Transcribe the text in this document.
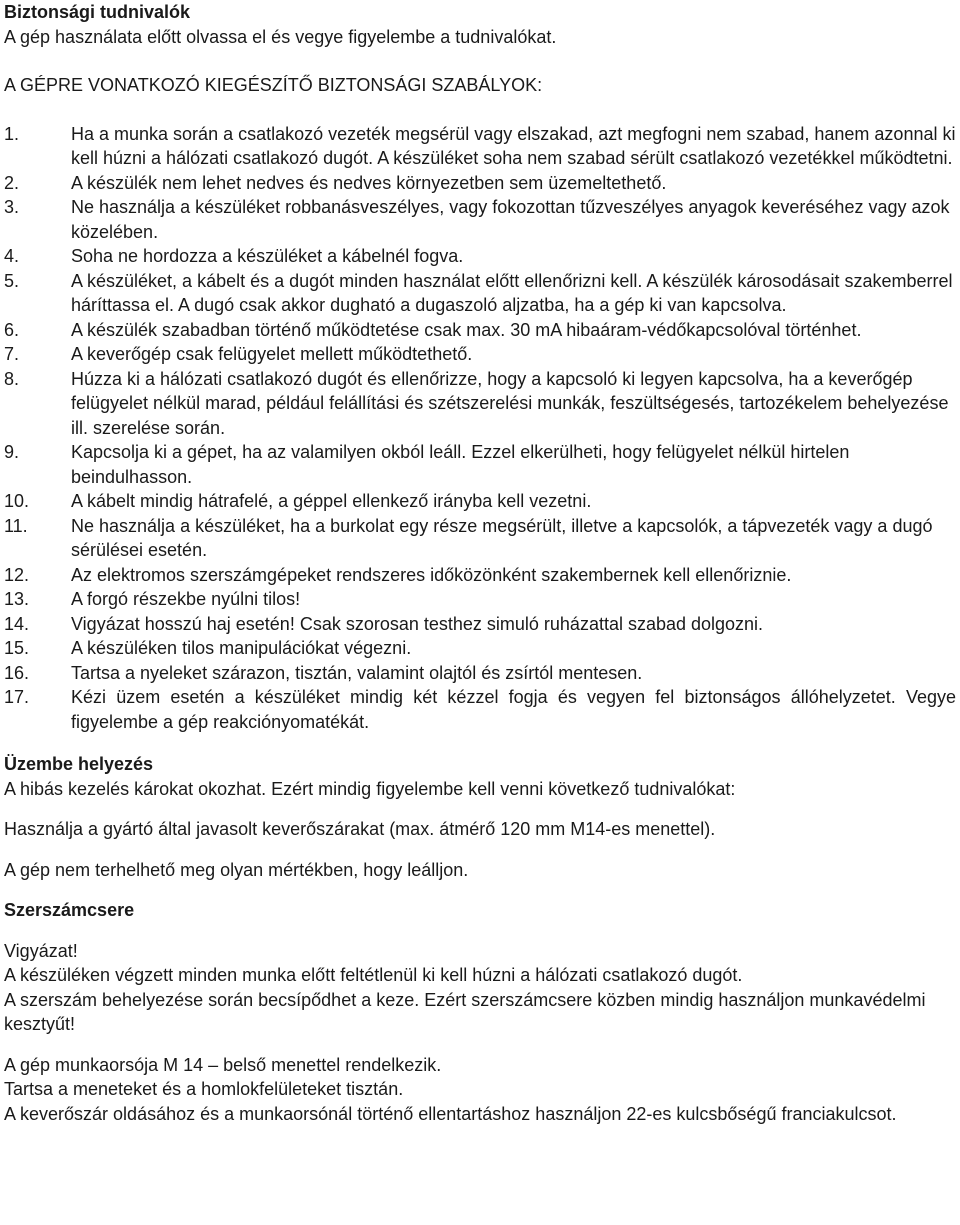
Biztonsági tudnivalók
A gép használata előtt olvassa el és vegye figyelembe a tudnivalókat.
A GÉPRE VONATKOZÓ KIEGÉSZÍTŐ BIZTONSÁGI SZABÁLYOK:
1.	Ha a munka során a csatlakozó vezeték megsérül vagy elszakad, azt megfogni nem szabad, hanem azonnal ki kell húzni a hálózati csatlakozó dugót. A készüléket soha nem szabad sérült csatlakozó vezetékkel működtetni.
2.	A készülék nem lehet nedves és nedves környezetben sem üzemeltethető.
3.	Ne használja a készüléket robbanásveszélyes, vagy fokozottan tűzveszélyes anyagok keveréséhez vagy azok közelében.
4.	Soha ne hordozza a készüléket a kábelnél fogva.
5.	A készüléket, a kábelt és a dugót minden használat előtt ellenőrizni kell. A készülék károsodásait szakemberrel háríttassa el. A dugó csak akkor dugható a dugaszoló aljzatba, ha a gép ki van kapcsolva.
6.	A készülék szabadban történő működtetése csak max. 30 mA hibaáram-védőkapcsolóval történhet.
7.	A keverőgép csak felügyelet mellett működtethető.
8.	Húzza ki a hálózati csatlakozó dugót és ellenőrizze, hogy a kapcsoló ki legyen kapcsolva, ha a keverőgép felügyelet nélkül marad, például felállítási és szétszerelési munkák, feszültségesés, tartozékelem behelyezése ill. szerelése során.
9.	Kapcsolja ki a gépet, ha az valamilyen okból leáll. Ezzel elkerülheti, hogy felügyelet nélkül hirtelen beindulhasson.
10.	A kábelt mindig hátrafelé, a géppel ellenkező irányba kell vezetni.
11.	Ne használja a készüléket, ha a burkolat egy része megsérült, illetve a kapcsolók, a tápvezeték vagy a dugó sérülései esetén.
12.	Az elektromos szerszámgépeket rendszeres időközönként szakembernek kell ellenőriznie.
13.	A forgó részekbe nyúlni tilos!
14.	Vigyázat hosszú haj esetén! Csak szorosan testhez simuló ruházattal szabad dolgozni.
15.	A készüléken tilos manipulációkat végezni.
16.	Tartsa a nyeleket szárazon, tisztán, valamint olajtól és zsírtól mentesen.
17.	Kézi üzem esetén a készüléket mindig két kézzel fogja és vegyen fel biztonságos állóhelyzetet. Vegye figyelembe a gép reakciónyomatékát.
Üzembe helyezés
A hibás kezelés károkat okozhat. Ezért mindig figyelembe kell venni következő tudnivalókat:
Használja a gyártó által javasolt keverőszárakat (max. átmérő 120 mm M14-es menettel).
A gép nem terhelhető meg olyan mértékben, hogy leálljon.
Szerszámcsere
Vigyázat!
A készüléken végzett minden munka előtt feltétlenül ki kell húzni a hálózati csatlakozó dugót.
A szerszám behelyezése során becsípődhet a keze. Ezért szerszámcsere közben mindig használjon munkavédelmi kesztyűt!
A gép munkaorsója M 14 – belső menettel rendelkezik.
Tartsa a meneteket és a homlokfelületeket tisztán.
A keverőszár oldásához és a munkaorsónál történő ellentartáshoz használjon 22-es kulcsbőségű franciakulcsot.
